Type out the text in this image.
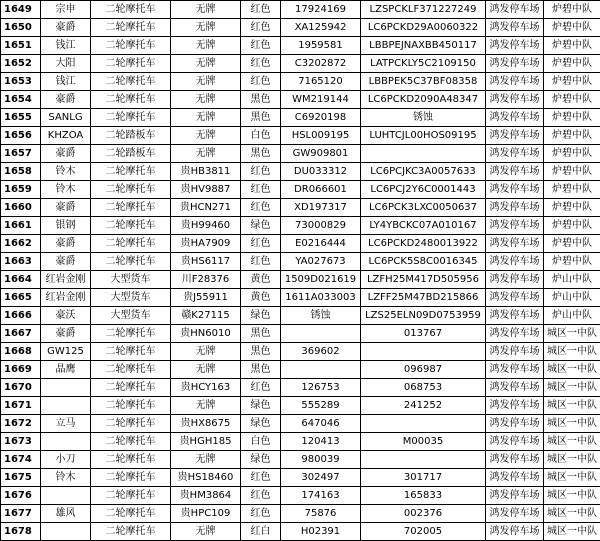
1649	宗申	二轮摩托车	无牌	红色	17924169	LZSPCKLF371227249	鸿发停车场	炉碧中队
1650	豪爵	二轮摩托车	无牌	红色	XA125942	LC6PCKD29A0060322	鸿发停车场	炉碧中队
1651	钱江	二轮摩托车	无牌	红色	1959581	LBBPEJNAXBB450117	鸿发停车场	炉碧中队
1652	大阳	二轮摩托车	无牌	红色	C3202872	LATPCKLY5C2109150	鸿发停车场	炉碧中队
1653	钱江	二轮摩托车	无牌	红色	7165120	LBBPEK5C37BF08358	鸿发停车场	炉碧中队
1654	豪爵	二轮摩托车	无牌	黑色	WM219144	LC6PCKD2090A48347	鸿发停车场	炉碧中队
1655	SANLG	二轮摩托车	无牌	黑色	C6920198	锈蚀	鸿发停车场	炉碧中队
1656	KHZOA	二轮踏板车	无牌	白色	HSL009195	LUHTCJL00HOS09195	鸿发停车场	炉碧中队
1657	豪爵	二轮踏板车	无牌	黑色	GW909801		鸿发停车场	炉碧中队
1658	铃木	二轮摩托车	贵HB3811	红色	DU033312	LC6PCJKC3A0057633	鸿发停车场	炉碧中队
1659	铃木	二轮摩托车	贵HV9887	红色	DR066601	LC6PCJ2Y6C0001443	鸿发停车场	炉碧中队
1660	豪爵	二轮摩托车	贵HCN271	红色	XD197317	LC6PCK3LXC0050637	鸿发停车场	炉碧中队
1661	银钢	二轮摩托车	贵H99460	绿色	73000829	LY4YBCKC07A010167	鸿发停车场	炉碧中队
1662	豪爵	二轮摩托车	贵HA7909	红色	E0216444	LC6PCKD2480013922	鸿发停车场	炉碧中队
1663	豪爵	二轮摩托车	贵HS6117	红色	YA027673	LC6PCK5S8C0016345	鸿发停车场	炉碧中队
1664	红岩金刚	大型货车	川F28376	黄色	1509D021619	LZFH25M417D505956	鸿发停车场	炉山中队
1665	红岩金刚	大型货车	贵J55911	黄色	1611A033003	LZFF25M47BD215866	鸿发停车场	炉山中队
1666	豪沃	大型货车	赣K27115	绿色	锈蚀	LZS25ELN09D0753959	鸿发停车场	炉山中队
1667	豪爵	二轮摩托车	贵HN6010	黑色		013767	鸿发停车场	城区一中队
1668	GW125	二轮摩托车	无牌	黑色	369602		鸿发停车场	城区一中队
1669	晶鹰	二轮摩托车	无牌	黑色		096987	鸿发停车场	城区一中队
1670		二轮摩托车	贵HCY163	红色	126753	068753	鸿发停车场	城区一中队
1671		二轮摩托车	无牌	绿色	555289	241252	鸿发停车场	城区一中队
1672	立马	二轮摩托车	贵HX8675	绿色	647046		鸿发停车场	城区一中队
1673		二轮摩托车	贵HGH185	白色	120413	M00035	鸿发停车场	城区一中队
1674	小刀	二轮摩托车	无牌	绿色	980039		鸿发停车场	城区一中队
1675	铃木	二轮摩托车	贵HS18460	红色	302497	301717	鸿发停车场	城区一中队
1676		二轮摩托车	贵HM3864	红色	174163	165833	鸿发停车场	城区一中队
1677	雄风	二轮摩托车	贵HPC109	红色	75876	002376	鸿发停车场	城区一中队
1678		二轮摩托车	无牌	红白	H02391	702005	鸿发停车场	城区一中队
